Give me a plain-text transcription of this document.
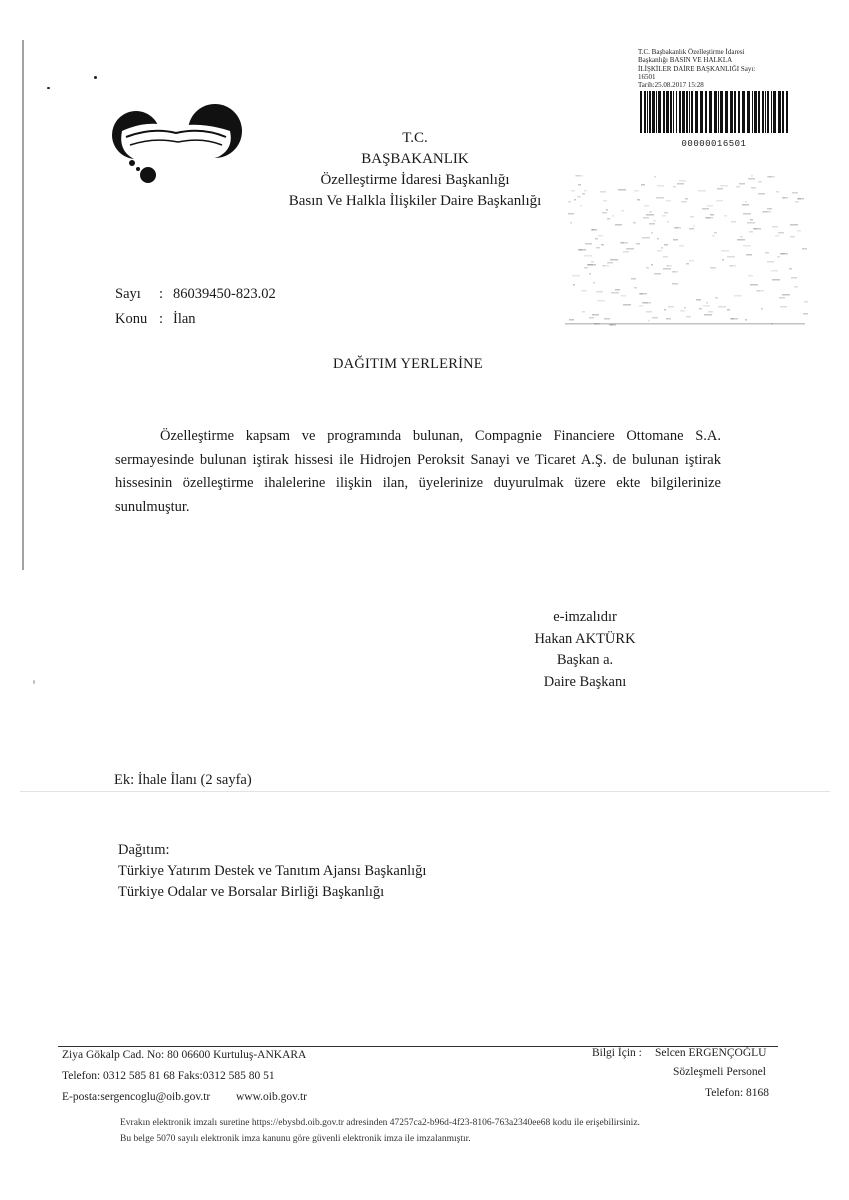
T.C.
BAŞBAKANLIK
Özelleştirme İdaresi Başkanlığı
Basın Ve Halkla İlişkiler Daire Başkanlığı
T.C. Başbakanlık Özelleştirme İdaresi
Başkanlığı BASIN VE HALKLA
İLİŞKİLER DAİRE BAŞKANLIĞI Sayı:
16501
Tarih:25.08.2017 15:28
00000016501
Sayı : 86039450-823.02
Konu : İlan
DAĞITIM YERLERİNE
Özelleştirme kapsam ve programında bulunan, Compagnie Financiere Ottomane S.A. sermayesinde bulunan iştirak hissesi ile Hidrojen Peroksit Sanayi ve Ticaret A.Ş. de bulunan iştirak hissesinin özelleştirme ihalelerine ilişkin ilan, üyelerinize duyurulmak üzere ekte bilgilerinize sunulmuştur.
e-imzalıdır
Hakan AKTÜRK
Başkan a.
Daire Başkanı
Ek: İhale İlanı (2 sayfa)
Dağıtım:
Türkiye Yatırım Destek ve Tanıtım Ajansı Başkanlığı
Türkiye Odalar ve Borsalar Birliği Başkanlığı
Ziya Gökalp Cad. No: 80 06600 Kurtuluş-ANKARA
Telefon: 0312 585 81 68 Faks:0312 585 80 51
E-posta:sergencoglu@oib.gov.tr www.oib.gov.tr
Bilgi İçin : Selcen ERGENÇOĞLU
Sözleşmeli Personel
Telefon: 8168
Evrakın elektronik imzalı suretine https://ebysbd.oib.gov.tr adresinden 47257ca2-b96d-4f23-8106-763a2340ee68 kodu ile erişebilirsiniz.
Bu belge 5070 sayılı elektronik imza kanunu göre güvenli elektronik imza ile imzalanmıştır.
